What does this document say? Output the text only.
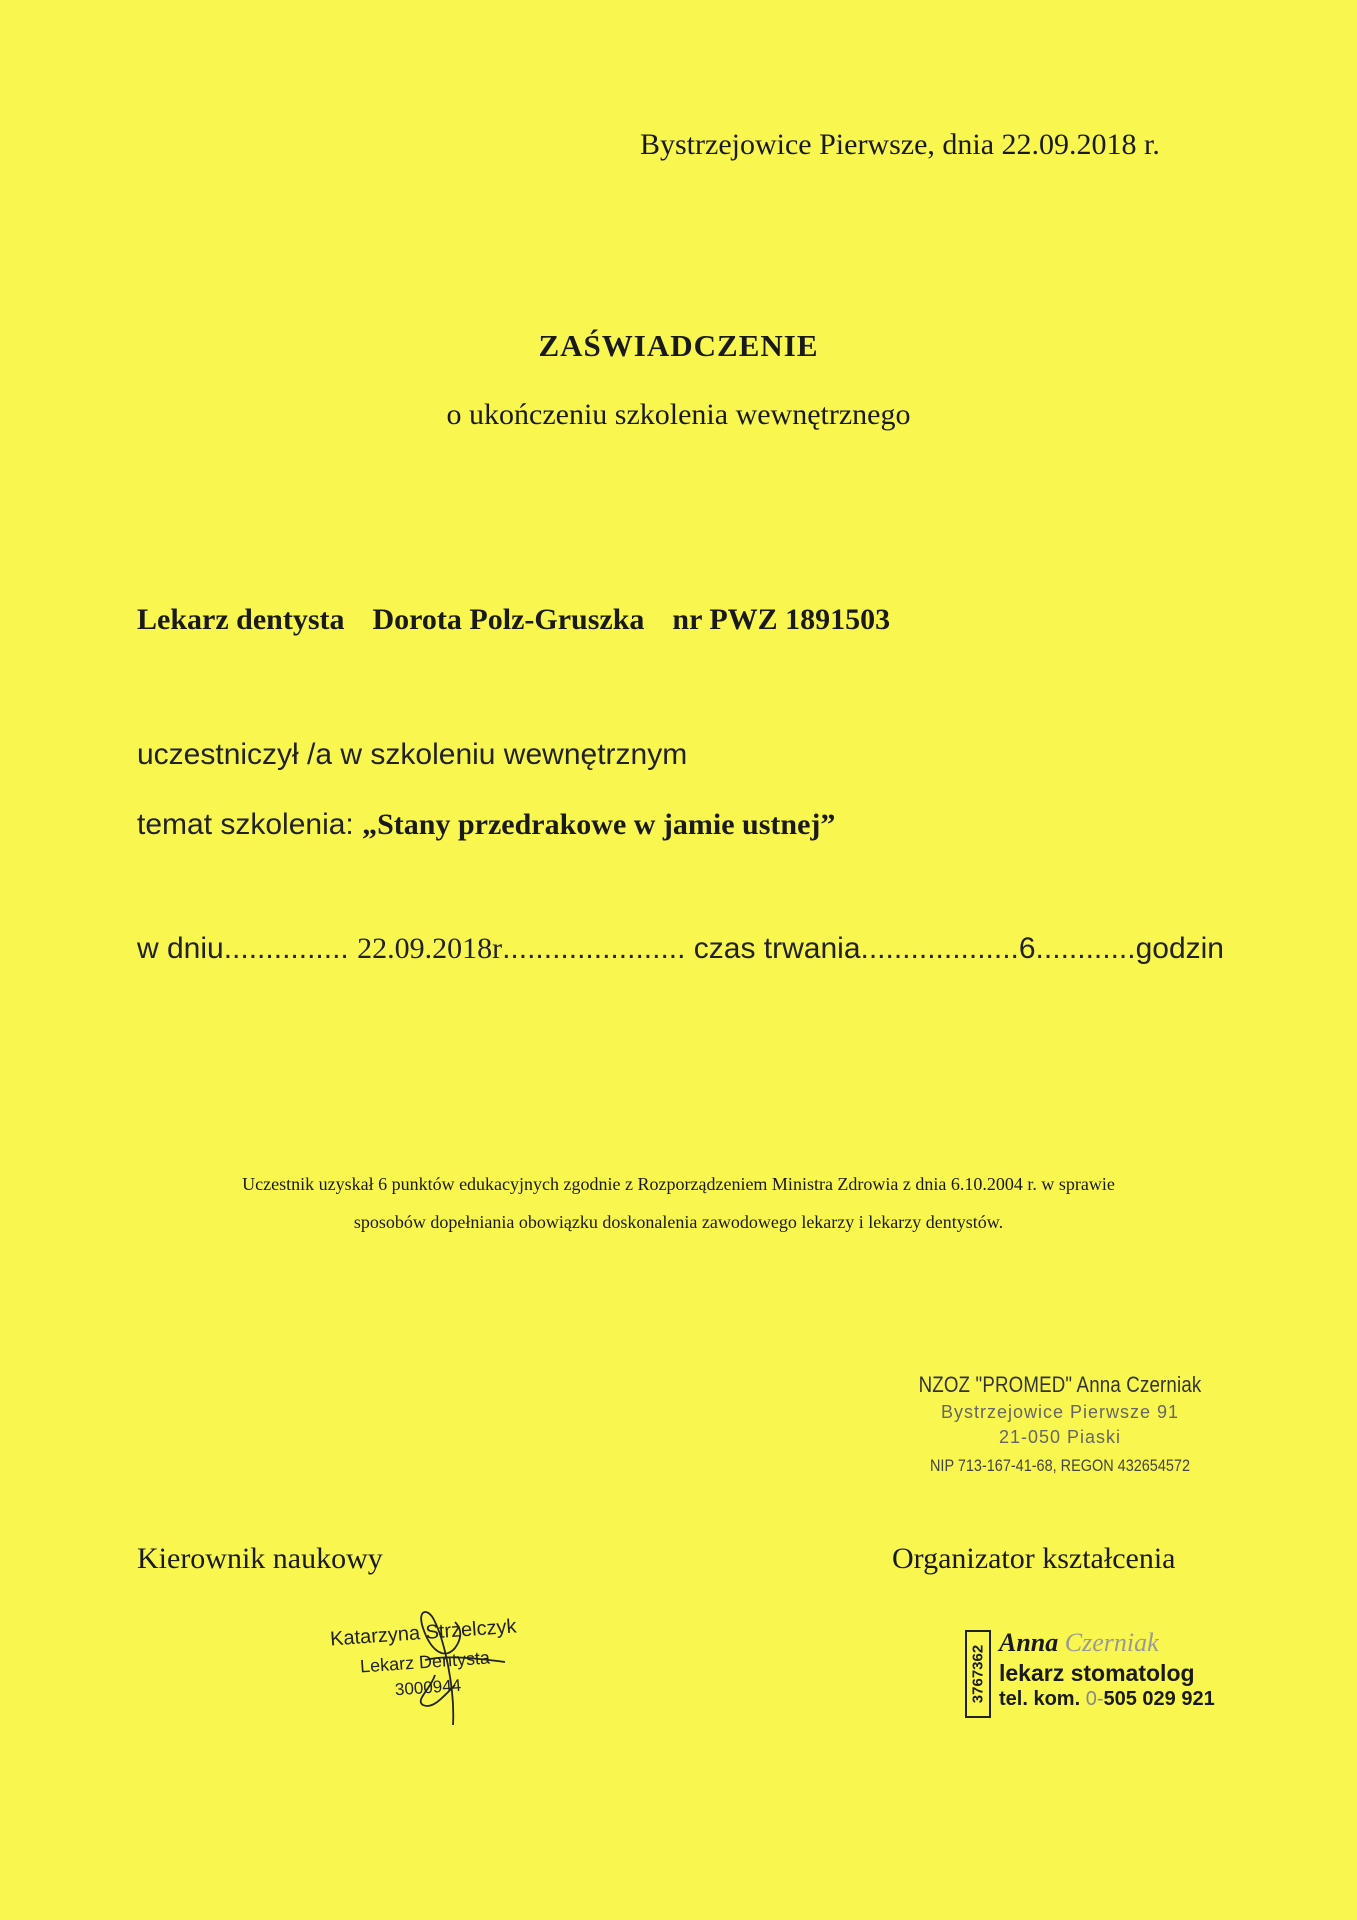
Bystrzejowice Pierwsze, dnia 22.09.2018 r.
ZAŚWIADCZENIE
o ukończeniu szkolenia wewnętrznego
Lekarz dentysta Dorota Polz-Gruszka nr PWZ 1891503
uczestniczył /a w szkoleniu wewnętrznym
temat szkolenia: „Stany przedrakowe w jamie ustnej”
w dniu............... 22.09.2018r...................... czas trwania...................6............godzin
Uczestnik uzyskał 6 punktów edukacyjnych zgodnie z Rozporządzeniem Ministra Zdrowia z dnia 6.10.2004 r. w sprawie
sposobów dopełniania obowiązku doskonalenia zawodowego lekarzy i lekarzy dentystów.
NZOZ "PROMED" Anna Czerniak
Bystrzejowice Pierwsze 91
21-050 Piaski
NIP 713-167-41-68, REGON 432654572
Kierownik naukowy	Organizator kształcenia
Katarzyna Strzelczyk
Lekarz Dentysta
3000944	3767362
Anna Czerniak
lekarz stomatolog
tel. kom. 0-505 029 921
